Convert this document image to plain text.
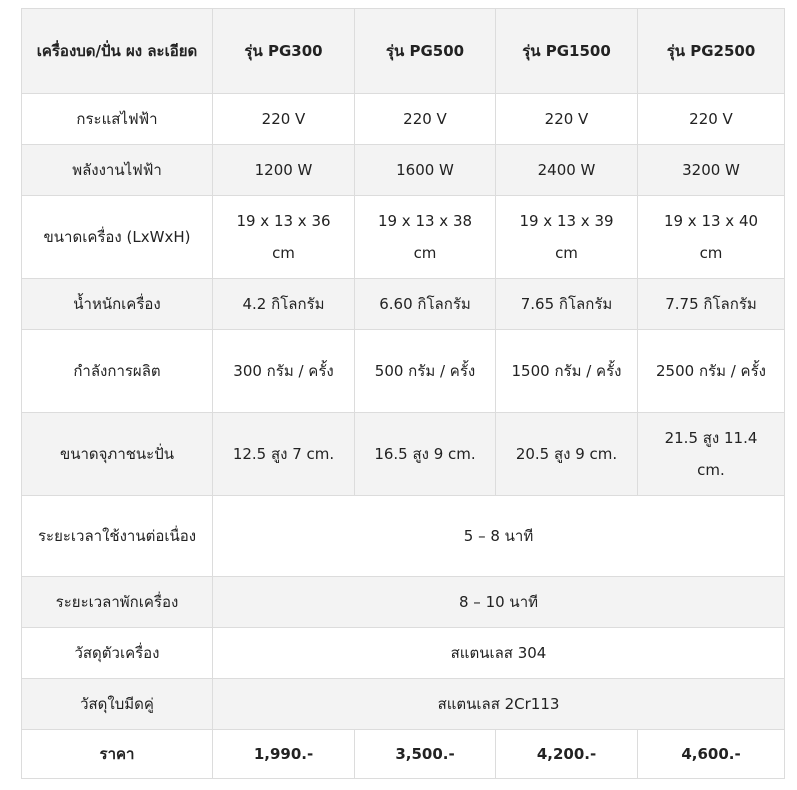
เครื่องบด/ปั่น ผง ละเอียด	รุ่น PG300	รุ่น PG500	รุ่น PG1500	รุ่น PG2500
กระแสไฟฟ้า	220 V	220 V	220 V	220 V
พลังงานไฟฟ้า	1200 W	1600 W	2400 W	3200 W
ขนาดเครื่อง (LxWxH)	19 x 13 x 36 cm	19 x 13 x 38 cm	19 x 13 x 39 cm	19 x 13 x 40 cm
น้ำหนักเครื่อง	4.2 กิโลกรัม	6.60 กิโลกรัม	7.65 กิโลกรัม	7.75 กิโลกรัม
กำลังการผลิต	300 กรัม / ครั้ง	500 กรัม / ครั้ง	1500 กรัม / ครั้ง	2500 กรัม / ครั้ง
ขนาดจุภาชนะปั่น	12.5 สูง 7 cm.	16.5 สูง 9 cm.	20.5 สูง 9 cm.	21.5 สูง 11.4 cm.
ระยะเวลาใช้งานต่อเนื่อง	5 – 8 นาที			
ระยะเวลาพักเครื่อง	8 – 10 นาที			
วัสดุตัวเครื่อง	สแตนเลส 304			
วัสดุใบมีดคู่	สแตนเลส 2Cr113			
ราคา	1,990.-	3,500.-	4,200.-	4,600.-
